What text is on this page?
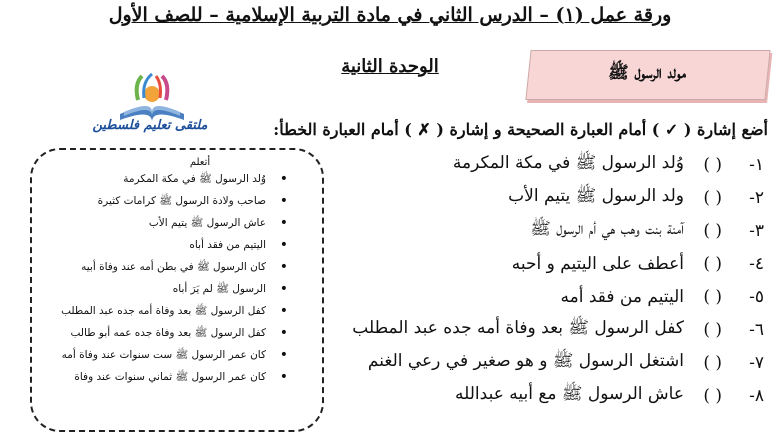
ورقة عمل (١) – الدرس الثاني في مادة التربية الإسلامية – للصف الأول
مولد الرسول ﷺ
الوحدة الثانية
ملتقى تعليم فلسطين	أضع إشارة ( ✓ ) أمام العبارة الصحيحة و إشارة ( ✗ ) أمام العبارة الخطأ:
١-
( )
وُلد الرسول ﷺ في مكة المكرمة
٢-
( )
ولد الرسول ﷺ يتيم الأب
٣-
( )
آمنة بنت وهب هي أم الرسول ﷺ
٤-
( )
أعطف على اليتيم و أحبه
٥-
( )
اليتيم من فقد أمه
٦-
( )
كفل الرسول ﷺ بعد وفاة أمه جده عبد المطلب
٧-
( )
اشتغل الرسول ﷺ و هو صغير في رعي الغنم
٨-
( )
عاش الرسول ﷺ مع أبيه عبدالله
أتعلم
• وُلد الرسول ﷺ في مكة المكرمة
• صاحب ولادة الرسول ﷺ كرامات كثيرة
• عاش الرسول ﷺ يتيم الأب
• اليتيم من فقد أباه
• كان الرسول ﷺ في بطن أمه عند وفاة أبيه
• الرسول ﷺ لم يَرَ أباه
• كفل الرسول ﷺ بعد وفاة أمه جده عبد المطلب
• كفل الرسول ﷺ بعد وفاة جده عمه أبو طالب
• كان عمر الرسول ﷺ ست سنوات عند وفاة أمه
• كان عمر الرسول ﷺ ثماني سنوات عند وفاة
